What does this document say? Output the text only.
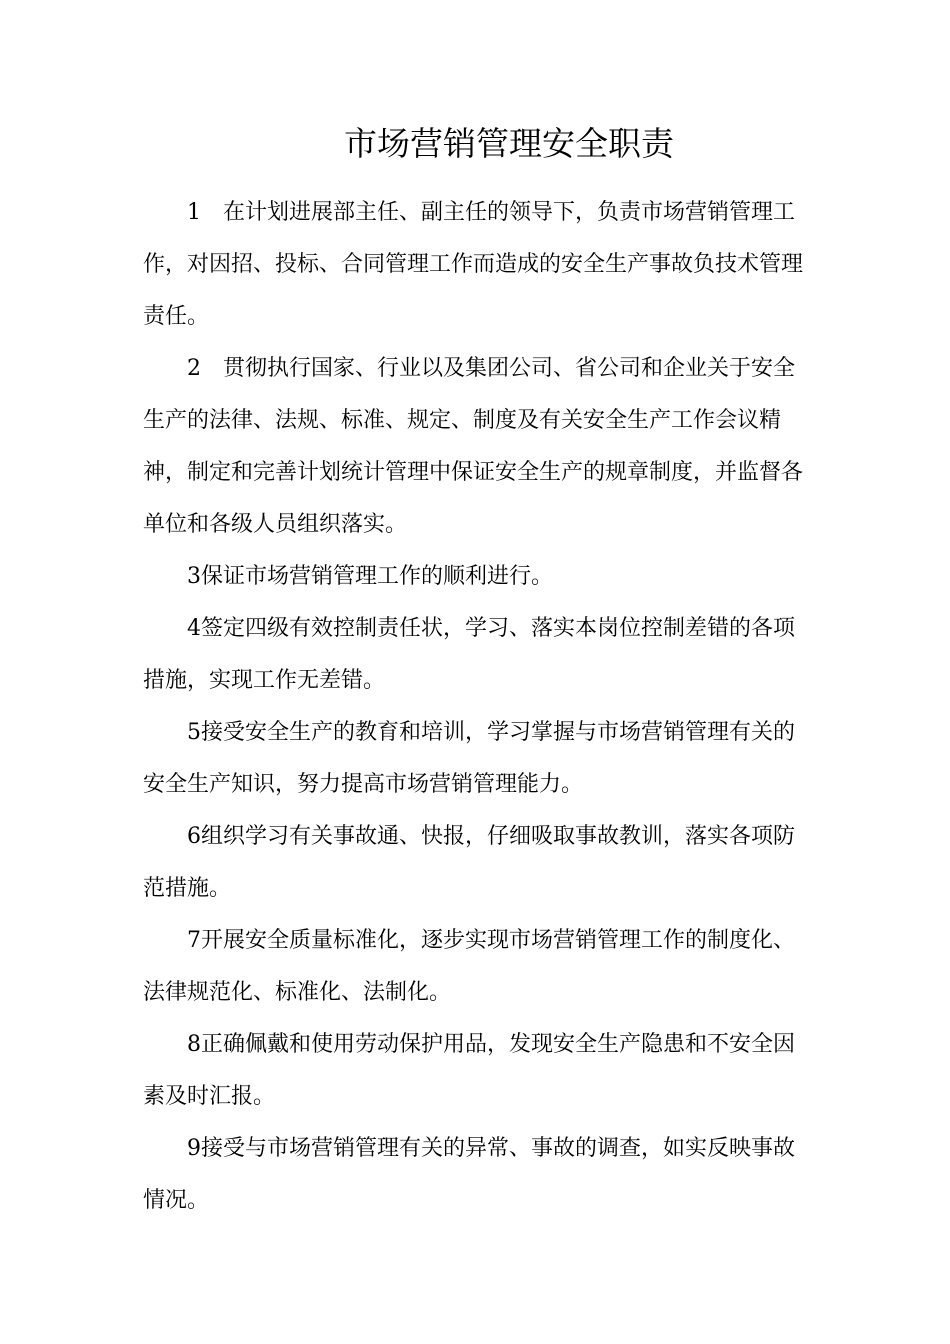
市场营销管理安全职责

1　在计划进展部主任、副主任的领导下，负责市场营销管理工作，对因招、投标、合同管理工作而造成的安全生产事故负技术管理责任。

2　贯彻执行国家、行业以及集团公司、省公司和企业关于安全生产的法律、法规、标准、规定、制度及有关安全生产工作会议精神，制定和完善计划统计管理中保证安全生产的规章制度，并监督各单位和各级人员组织落实。

3保证市场营销管理工作的顺利进行。

4签定四级有效控制责任状，学习、落实本岗位控制差错的各项措施，实现工作无差错。

5接受安全生产的教育和培训，学习掌握与市场营销管理有关的安全生产知识，努力提高市场营销管理能力。

6组织学习有关事故通、快报，仔细吸取事故教训，落实各项防范措施。

7开展安全质量标准化，逐步实现市场营销管理工作的制度化、法律规范化、标准化、法制化。

8正确佩戴和使用劳动保护用品，发现安全生产隐患和不安全因素及时汇报。

9接受与市场营销管理有关的异常、事故的调查，如实反映事故情况。
